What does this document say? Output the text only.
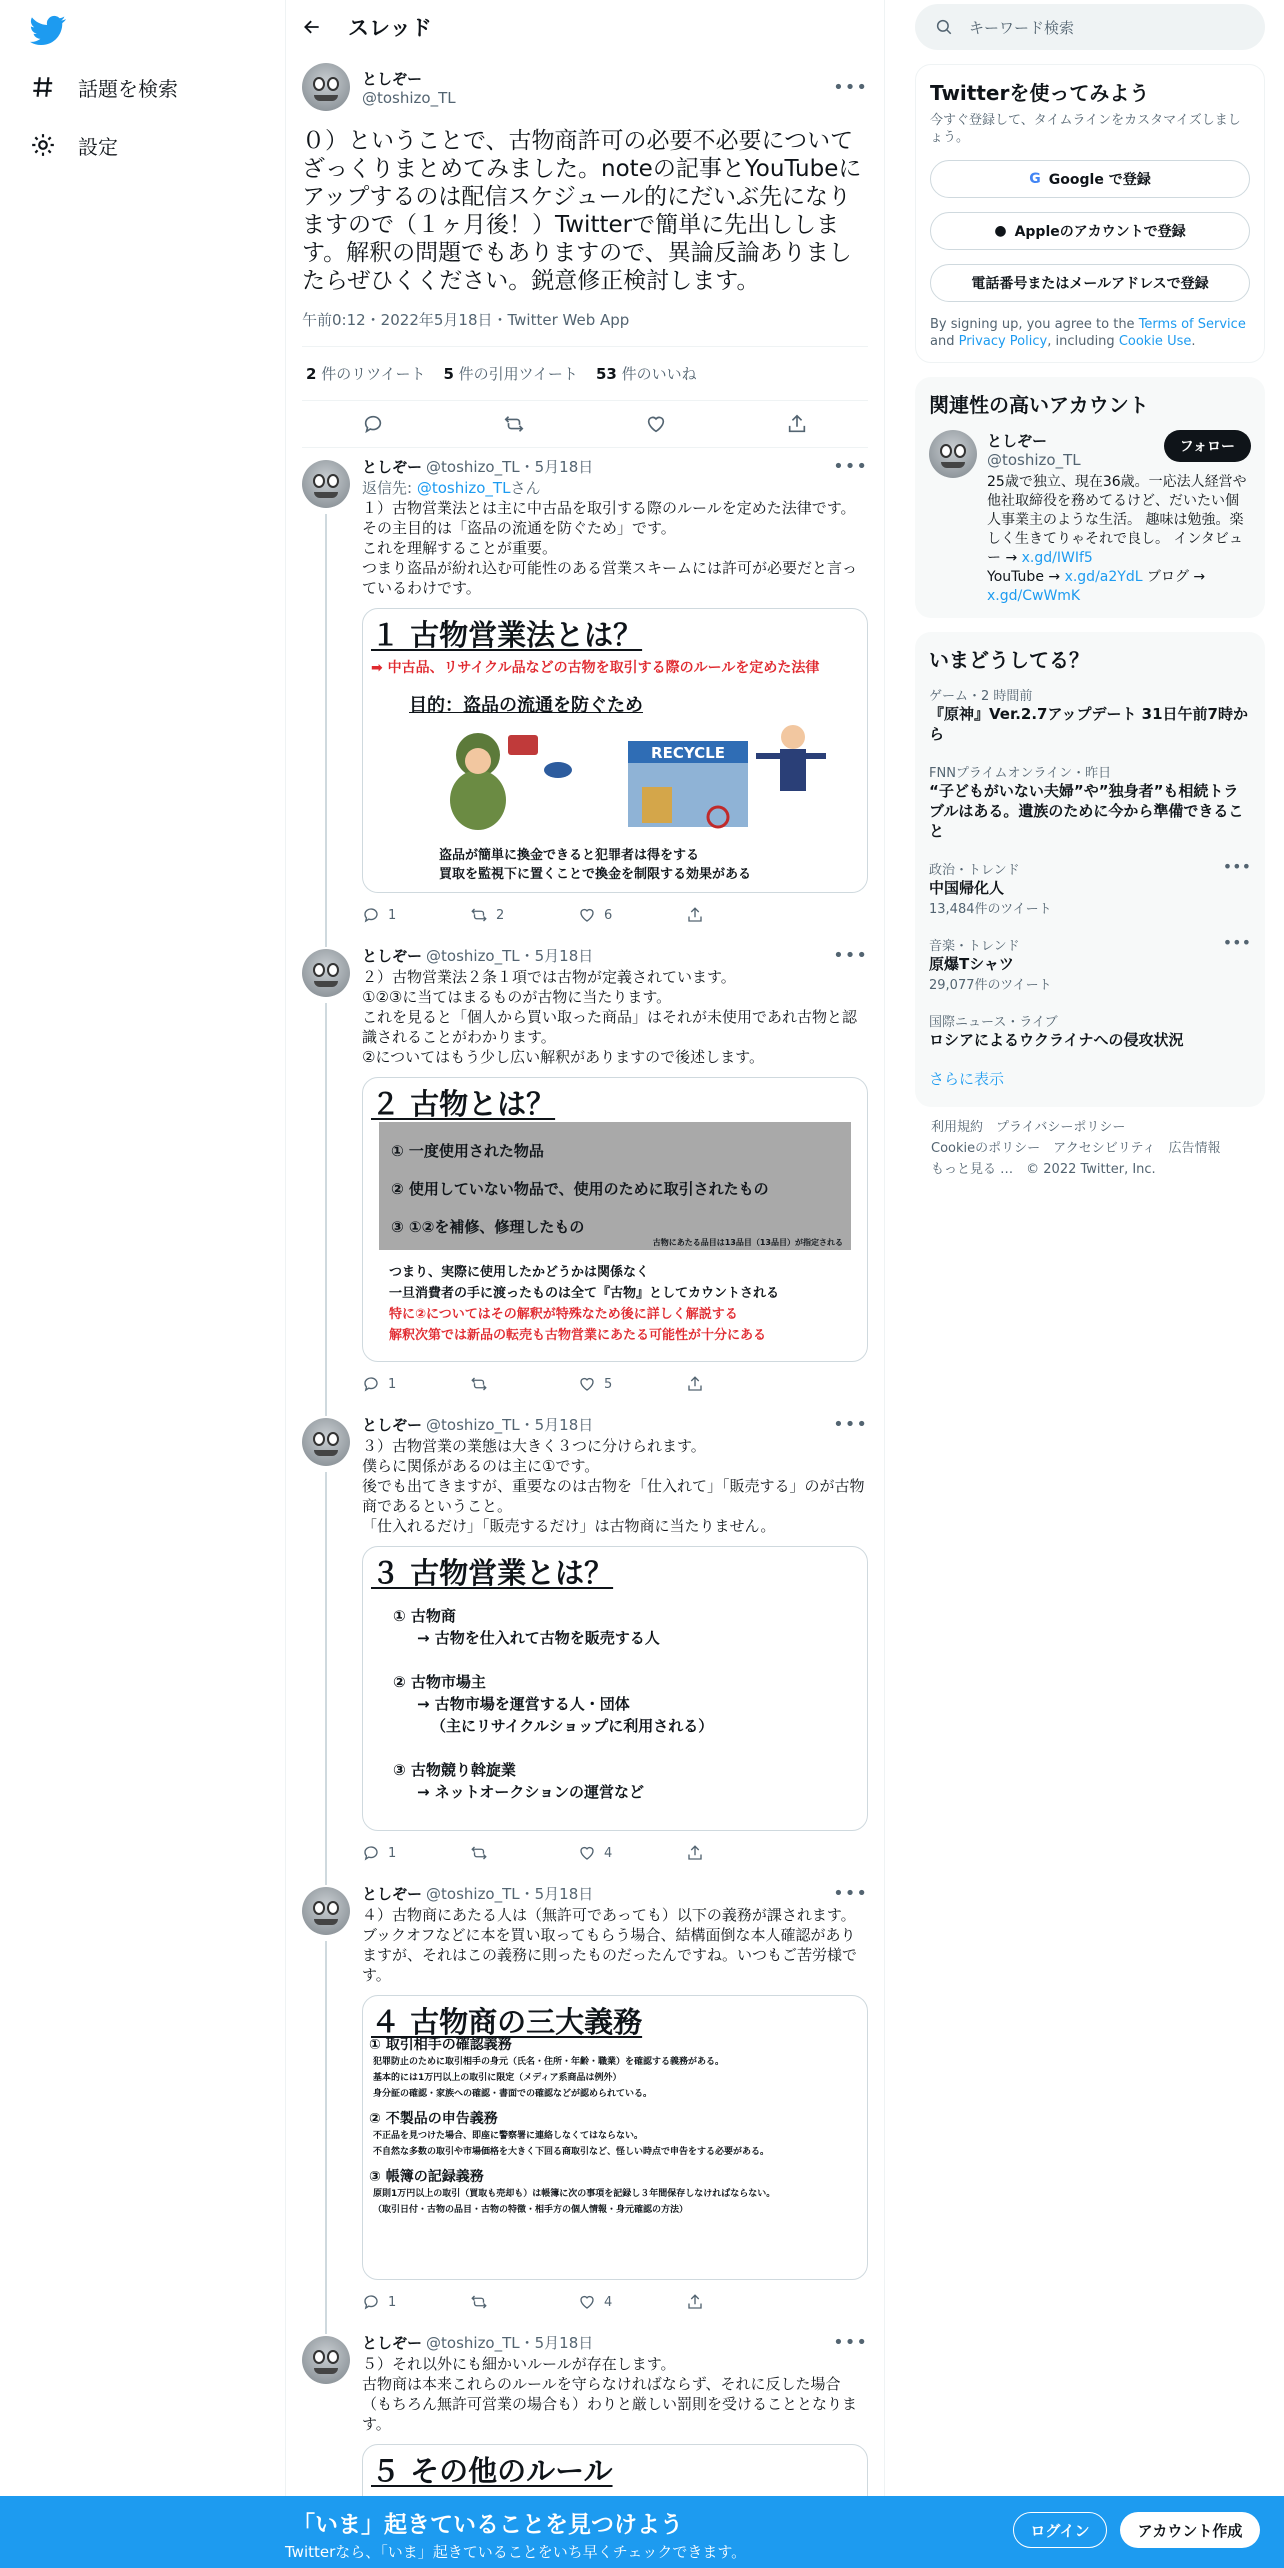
話題を検索
設定
スレッド
としぞー
@toshizo_TL	•••
０）ということで、古物商許可の必要不必要についてざっくりまとめてみました。noteの記事とYouTubeにアップするのは配信スケジュール的にだいぶ先になりますので（１ヶ月後！）Twitterで簡単に先出しします。解釈の問題でもありますので、異論反論ありましたらぜひくください。鋭意修正検討します。
午前0:12・2022年5月18日・Twitter Web App
2 件のリツイート 5 件の引用ツイート 53 件のいいね
としぞー @toshizo_TL・5月18日	•••
返信先: @toshizo_TLさん
１）古物営業法とは主に中古品を取引する際のルールを定めた法律です。
その主目的は「盗品の流通を防ぐため」です。
これを理解することが重要。
つまり盗品が紛れ込む可能性のある営業スキームには許可が必要だと言っているわけです。
１ 古物営業法とは？
➡ 中古品、リサイクル品などの古物を取引する際のルールを定めた法律
目的：盗品の流通を防ぐため
RECYCLE
盗品が簡単に換金できると犯罪者は得をする
買取を監視下に置くことで換金を制限する効果がある
1	2	6
としぞー @toshizo_TL・5月18日	•••
２）古物営業法２条１項では古物が定義されています。
①②③に当てはまるものが古物に当たります。
これを見ると「個人から買い取った商品」はそれが未使用であれ古物と認識されることがわかります。
②についてはもう少し広い解釈がありますので後述します。
２ 古物とは？
① 一度使用された物品
② 使用していない物品で、使用のために取引されたもの
③ ①②を補修、修理したもの
古物にあたる品目は13品目（13品目）が指定される
つまり、実際に使用したかどうかは関係なく
一旦消費者の手に渡ったものは全て『古物』としてカウントされる
特に②についてはその解釈が特殊なため後に詳しく解説する
解釈次第では新品の転売も古物営業にあたる可能性が十分にある
1	5
としぞー @toshizo_TL・5月18日	•••
３）古物営業の業態は大きく３つに分けられます。
僕らに関係があるのは主に①です。
後でも出てきますが、重要なのは古物を「仕入れて」「販売する」のが古物商であるということ。
「仕入れるだけ」「販売するだけ」は古物商に当たりません。
３ 古物営業とは？
① 古物商
→ 古物を仕入れて古物を販売する人
② 古物市場主
→ 古物市場を運営する人・団体
（主にリサイクルショップに利用される）
③ 古物競り斡旋業
→ ネットオークションの運営など
1	4
としぞー @toshizo_TL・5月18日	•••
４）古物商にあたる人は（無許可であっても）以下の義務が課されます。
ブックオフなどに本を買い取ってもらう場合、結構面倒な本人確認がありますが、それはこの義務に則ったものだったんですね。いつもご苦労様です。
４ 古物商の三大義務
① 取引相手の確認義務
犯罪防止のために取引相手の身元（氏名・住所・年齢・職業）を確認する義務がある。
基本的には1万円以上の取引に限定（メディア系商品は例外）
身分証の確認・家族への確認・書面での確認などが認められている。
② 不製品の申告義務
不正品を見つけた場合、即座に警察署に連絡しなくてはならない。
不自然な多数の取引や市場価格を大きく下回る商取引など、怪しい時点で申告をする必要がある。
③ 帳簿の記録義務
原則1万円以上の取引（買取も売却も）は帳簿に次の事項を記録し３年間保存しなければならない。
（取引日付・古物の品目・古物の特徴・相手方の個人情報・身元確認の方法）
1	4
としぞー @toshizo_TL・5月18日	•••
５）それ以外にも細かいルールが存在します。
古物商は本来これらのルールを守らなければならず、それに反した場合（もちろん無許可営業の場合も）わりと厳しい罰則を受けることとなります。
５ その他のルール
キーワード検索
Twitterを使ってみよう
今すぐ登録して、タイムラインをカスタマイズしましょう。
G Google で登録
● Appleのアカウントで登録
電話番号またはメールアドレスで登録
By signing up, you agree to the Terms of Service and Privacy Policy, including Cookie Use.
関連性の高いアカウント
としぞー
@toshizo_TL
25歳で独立、現在36歳。一応法人経営や他社取締役を務めてるけど、だいたい個人事業主のような生活。 趣味は勉強。楽しく生きてりゃそれで良し。 インタビュー → x.gd/IWIf5
YouTube → x.gd/a2YdL ブログ →
x.gd/CwWmK
フォロー
いまどうしてる？
ゲーム・2 時間前
『原神』Ver.2.7アップデート 31日午前7時から
FNNプライムオンライン・昨日
“子どもがいない夫婦”や”独身者”も相続トラブルはある。遺族のために今から準備できること
政治・トレンド
中国帰化人
13,484件のツイート
•••
音楽・トレンド
原爆Tシャツ
29,077件のツイート
•••
国際ニュース・ライブ
ロシアによるウクライナへの侵攻状況
さらに表示
利用規約　 プライバシーポリシー
Cookieのポリシー　 アクセシビリティ　 広告情報
もっと見る …　 © 2022 Twitter, Inc.
「いま」起きていることを見つけよう
Twitterなら、「いま」起きていることをいち早くチェックできます。
ログイン	アカウント作成
